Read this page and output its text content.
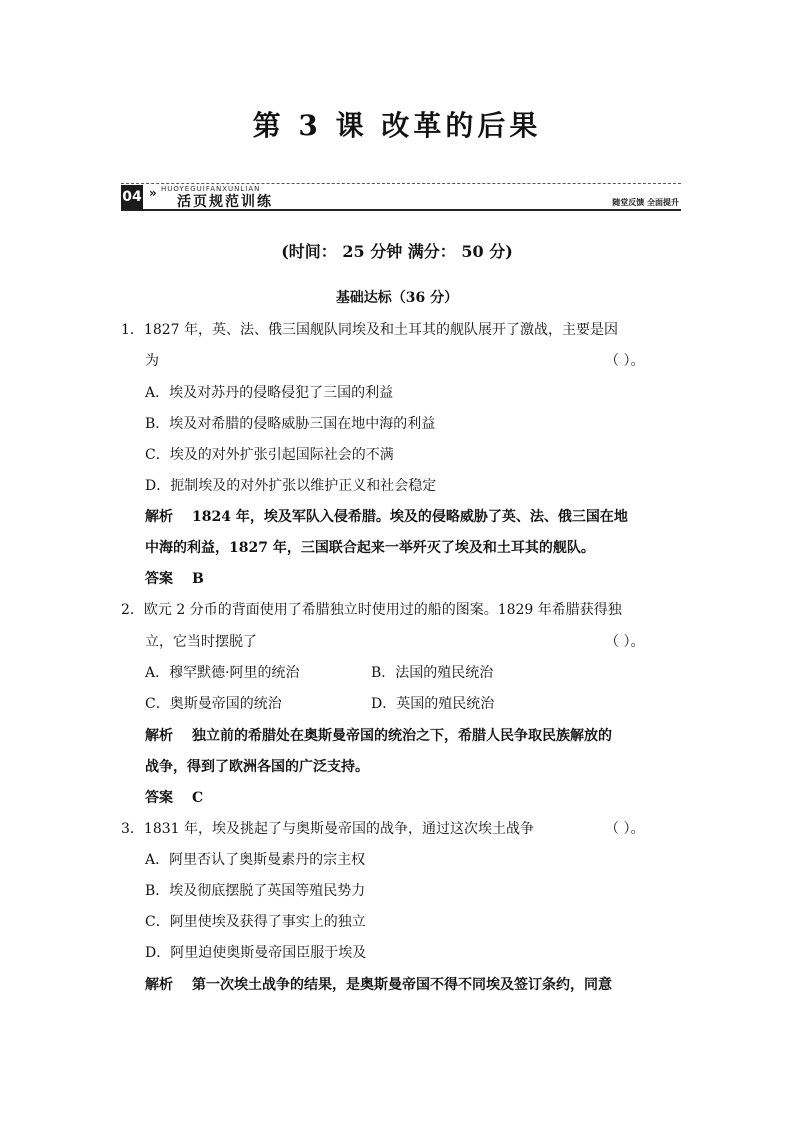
第 3 课 改革的后果
04 » HUOYEGUIFANXUNLIAN
活页规范训练	随堂反馈 全面提升
(时间： 25 分钟 满分： 50 分)
基础达标（36 分）
1．1827 年，英、法、俄三国舰队同埃及和土耳其的舰队展开了激战，主要是因
为	（ ）。
A．埃及对苏丹的侵略侵犯了三国的利益
B．埃及对希腊的侵略威胁三国在地中海的利益
C．埃及的对外扩张引起国际社会的不满
D．扼制埃及的对外扩张以维护正义和社会稳定
解析 1824 年，埃及军队入侵希腊。埃及的侵略威胁了英、法、俄三国在地
中海的利益，1827 年，三国联合起来一举歼灭了埃及和土耳其的舰队。
答案 B
2．欧元 2 分币的背面使用了希腊独立时使用过的船的图案。1829 年希腊获得独
立，它当时摆脱了	（ ）。
A．穆罕默德·阿里的统治	B．法国的殖民统治
C．奥斯曼帝国的统治	D．英国的殖民统治
解析 独立前的希腊处在奥斯曼帝国的统治之下，希腊人民争取民族解放的
战争，得到了欧洲各国的广泛支持。
答案 C
3．1831 年，埃及挑起了与奥斯曼帝国的战争，通过这次埃土战争	（ ）。
A．阿里否认了奥斯曼素丹的宗主权
B．埃及彻底摆脱了英国等殖民势力
C．阿里使埃及获得了事实上的独立
D．阿里迫使奥斯曼帝国臣服于埃及
解析 第一次埃土战争的结果，是奥斯曼帝国不得不同埃及签订条约，同意
